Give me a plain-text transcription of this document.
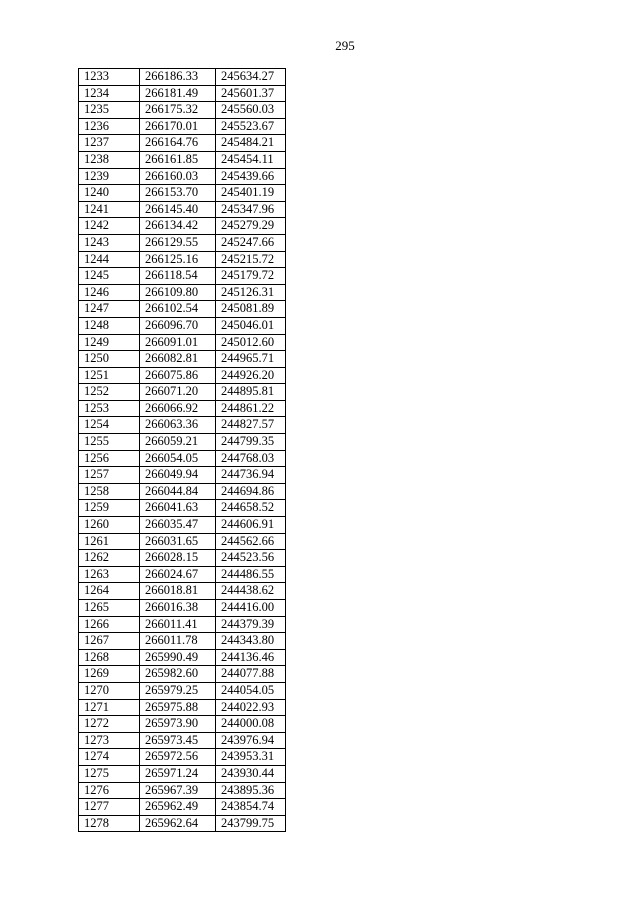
295
1233	266186.33	245634.27
1234	266181.49	245601.37
1235	266175.32	245560.03
1236	266170.01	245523.67
1237	266164.76	245484.21
1238	266161.85	245454.11
1239	266160.03	245439.66
1240	266153.70	245401.19
1241	266145.40	245347.96
1242	266134.42	245279.29
1243	266129.55	245247.66
1244	266125.16	245215.72
1245	266118.54	245179.72
1246	266109.80	245126.31
1247	266102.54	245081.89
1248	266096.70	245046.01
1249	266091.01	245012.60
1250	266082.81	244965.71
1251	266075.86	244926.20
1252	266071.20	244895.81
1253	266066.92	244861.22
1254	266063.36	244827.57
1255	266059.21	244799.35
1256	266054.05	244768.03
1257	266049.94	244736.94
1258	266044.84	244694.86
1259	266041.63	244658.52
1260	266035.47	244606.91
1261	266031.65	244562.66
1262	266028.15	244523.56
1263	266024.67	244486.55
1264	266018.81	244438.62
1265	266016.38	244416.00
1266	266011.41	244379.39
1267	266011.78	244343.80
1268	265990.49	244136.46
1269	265982.60	244077.88
1270	265979.25	244054.05
1271	265975.88	244022.93
1272	265973.90	244000.08
1273	265973.45	243976.94
1274	265972.56	243953.31
1275	265971.24	243930.44
1276	265967.39	243895.36
1277	265962.49	243854.74
1278	265962.64	243799.75
